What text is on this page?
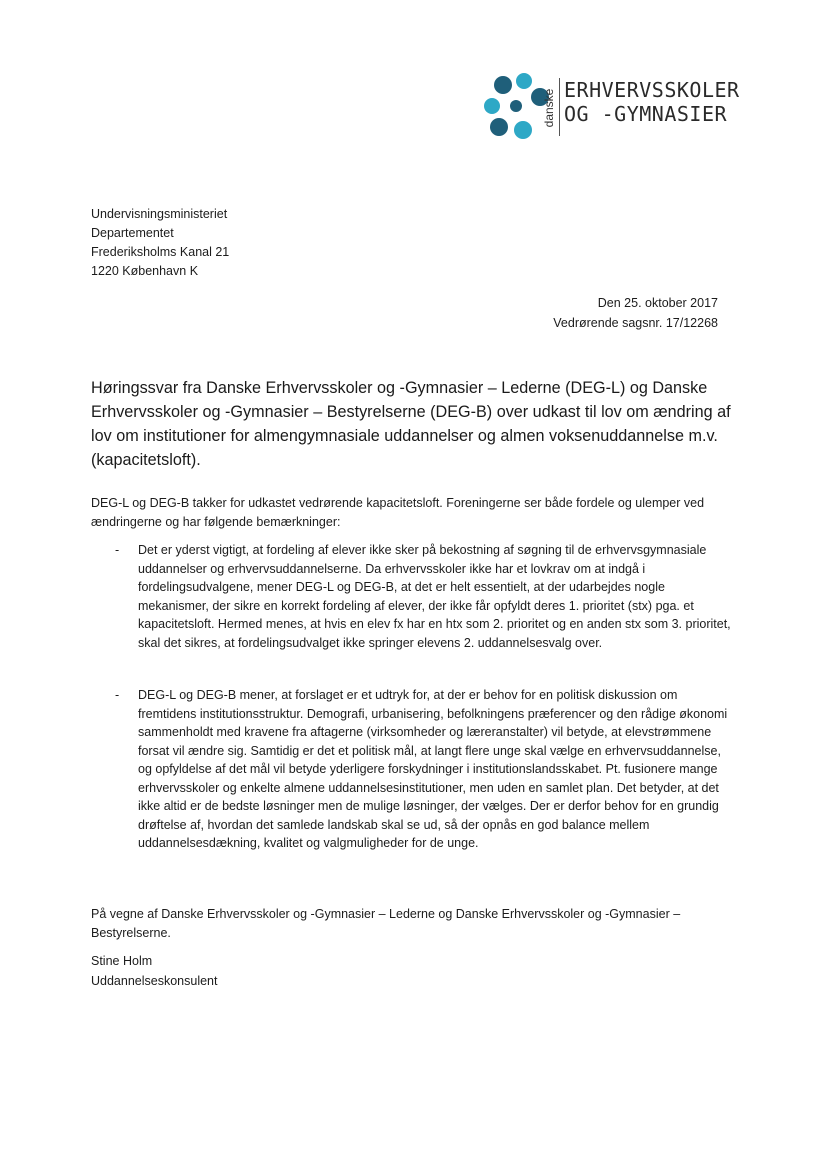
danske ERHVERVSSKOLER
OG -GYMNASIER
Undervisningsministeriet
Departementet
Frederiksholms Kanal 21
1220 København K
Den 25. oktober 2017
Vedrørende sagsnr. 17/12268
Høringssvar fra Danske Erhvervsskoler og -Gymnasier – Lederne (DEG-L) og Danske Erhvervsskoler og -Gymnasier – Bestyrelserne (DEG-B) over udkast til lov om ændring af lov om institutioner for almengymnasiale uddannelser og almen voksenuddannelse m.v. (kapacitetsloft).

DEG-L og DEG-B takker for udkastet vedrørende kapacitetsloft. Foreningerne ser både fordele og ulemper ved ændringerne og har følgende bemærkninger:

- Det er yderst vigtigt, at fordeling af elever ikke sker på bekostning af søgning til de erhvervsgymnasiale uddannelser og erhvervsuddannelserne. Da erhvervsskoler ikke har et lovkrav om at indgå i fordelingsudvalgene, mener DEG-L og DEG-B, at det er helt essentielt, at der udarbejdes nogle mekanismer, der sikre en korrekt fordeling af elever, der ikke får opfyldt deres 1. prioritet (stx) pga. et kapacitetsloft. Hermed menes, at hvis en elev fx har en htx som 2. prioritet og en anden stx som 3. prioritet, skal det sikres, at fordelingsudvalget ikke springer elevens 2. uddannelsesvalg over.
- DEG-L og DEG-B mener, at forslaget er et udtryk for, at der er behov for en politisk diskussion om fremtidens institutionsstruktur. Demografi, urbanisering, befolkningens præferencer og den rådige økonomi sammenholdt med kravene fra aftagerne (virksomheder og læreranstalter) vil betyde, at elevstrømmene forsat vil ændre sig. Samtidig er det et politisk mål, at langt flere unge skal vælge en erhvervsuddannelse, og opfyldelse af det mål vil betyde yderligere forskydninger i institutionslandsskabet. Pt. fusionere mange erhvervsskoler og enkelte almene uddannelsesinstitutioner, men uden en samlet plan. Det betyder, at det ikke altid er de bedste løsninger men de mulige løsninger, der vælges. Der er derfor behov for en grundig drøftelse af, hvordan det samlede landskab skal se ud, så der opnås en god balance mellem uddannelsesdækning, kvalitet og valgmuligheder for de unge.

På vegne af Danske Erhvervsskoler og -Gymnasier – Lederne og Danske Erhvervsskoler og -Gymnasier – Bestyrelserne.

Stine Holm
Uddannelseskonsulent
